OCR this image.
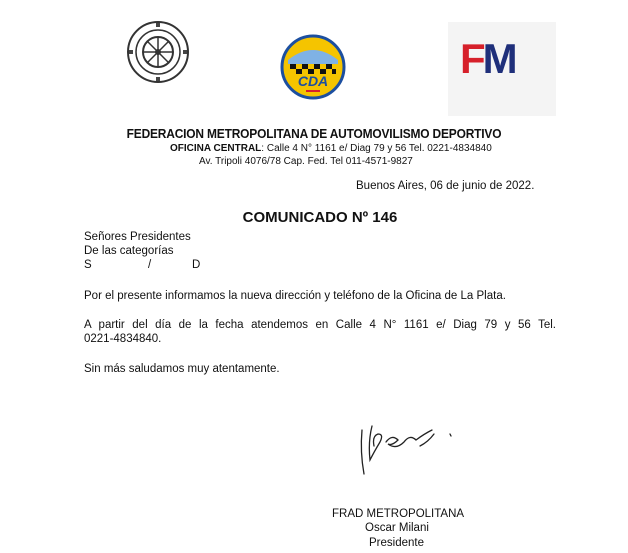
CDA	FM
FEDERACION METROPOLITANA DE AUTOMOVILISMO DEPORTIVO
OFICINA CENTRAL: Calle 4 N° 1161 e/ Diag 79 y 56 Tel. 0221-4834840
Av. Tripoli 4076/78 Cap. Fed. Tel 011-4571-9827
Buenos Aires, 06 de junio de 2022.
COMUNICADO Nº 146
Señores Presidentes
De las categorías
S	/	D
Por el presente informamos la nueva dirección y teléfono de la Oficina de La Plata.
A partir del día de la fecha atendemos en Calle 4 N° 1161 e/ Diag 79 y 56 Tel.
0221-4834840.
Sin más saludamos muy atentamente.
FRAD METROPOLITANA
Oscar Milani
Presidente
